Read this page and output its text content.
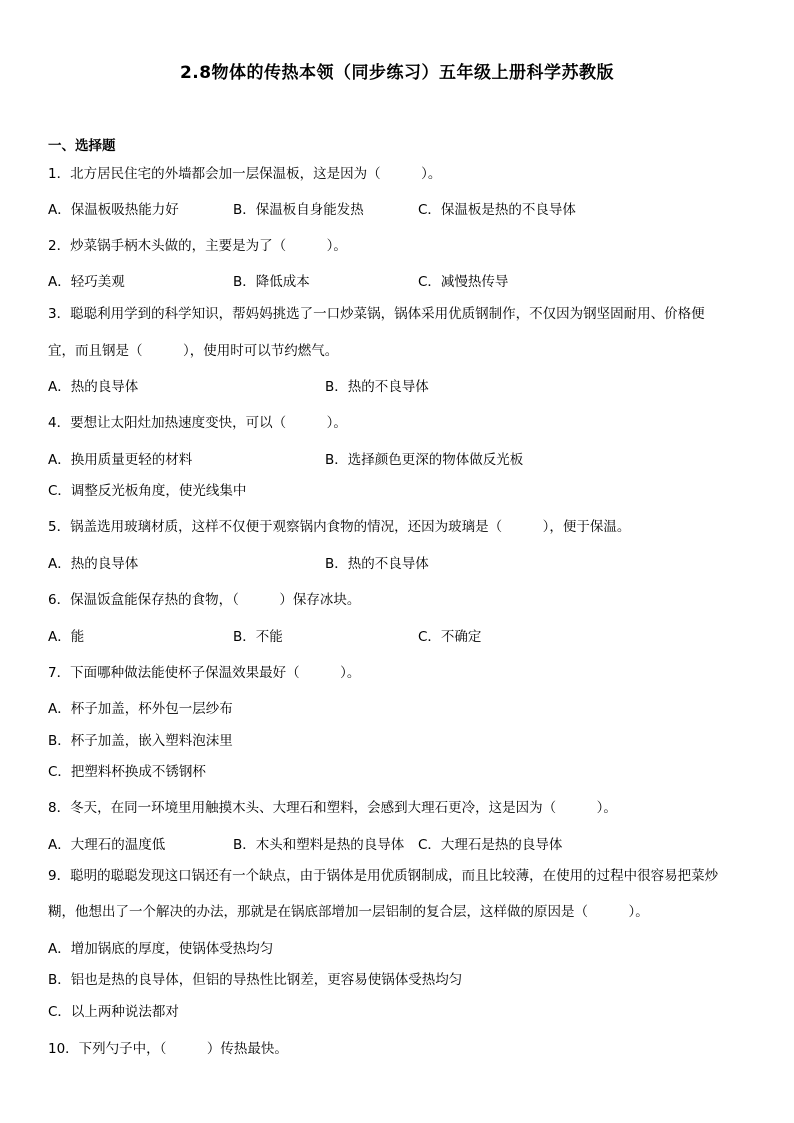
2.8物体的传热本领（同步练习）五年级上册科学苏教版
一、选择题
1．北方居民住宅的外墙都会加一层保温板，这是因为（　　　）。
A．保温板吸热能力好	B．保温板自身能发热	C．保温板是热的不良导体
2．炒菜锅手柄木头做的，主要是为了（　　　）。
A．轻巧美观	B．降低成本	C．减慢热传导
3．聪聪利用学到的科学知识，帮妈妈挑选了一口炒菜锅，锅体采用优质钢制作，不仅因为钢坚固耐用、价格便
宜，而且钢是（　　　），使用时可以节约燃气。
A．热的良导体	B．热的不良导体
4．要想让太阳灶加热速度变快，可以（　　　）。
A．换用质量更轻的材料	B．选择颜色更深的物体做反光板
C．调整反光板角度，使光线集中
5．锅盖选用玻璃材质，这样不仅便于观察锅内食物的情况，还因为玻璃是（　　　），便于保温。
A．热的良导体	B．热的不良导体
6．保温饭盒能保存热的食物，（　　　）保存冰块。
A．能	B．不能	C．不确定
7．下面哪种做法能使杯子保温效果最好（　　　）。
A．杯子加盖，杯外包一层纱布
B．杯子加盖，嵌入塑料泡沫里
C．把塑料杯换成不锈钢杯
8．冬天，在同一环境里用触摸木头、大理石和塑料，会感到大理石更冷，这是因为（　　　）。
A．大理石的温度低	B．木头和塑料是热的良导体 C．大理石是热的良导体
9．聪明的聪聪发现这口锅还有一个缺点，由于锅体是用优质钢制成，而且比较薄，在使用的过程中很容易把菜炒
糊，他想出了一个解决的办法，那就是在锅底部增加一层铝制的复合层，这样做的原因是（　　　）。
A．增加锅底的厚度，使锅体受热均匀
B．铝也是热的良导体，但铝的导热性比钢差，更容易使锅体受热均匀
C．以上两种说法都对
10．下列勺子中，（　　　）传热最快。
